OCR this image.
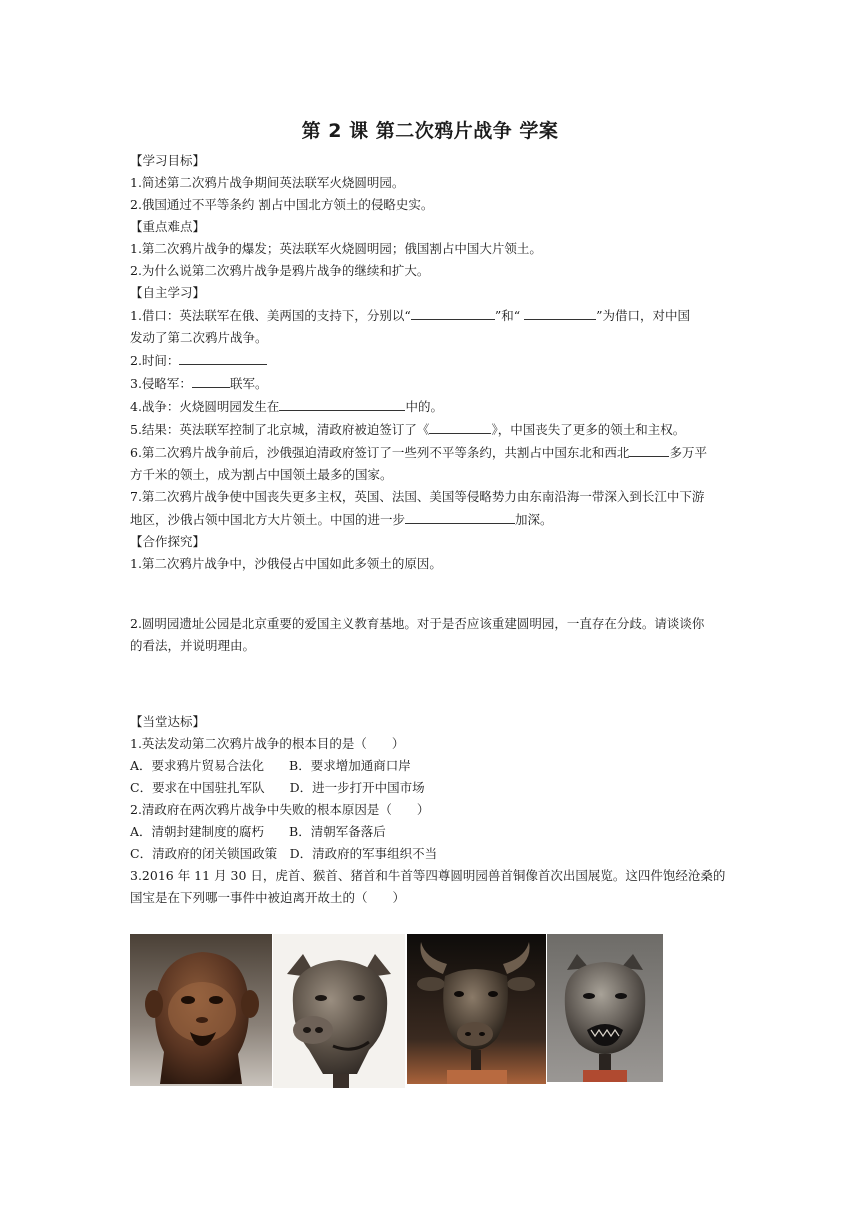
第 2 课 第二次鸦片战争 学案
【学习目标】
1.简述第二次鸦片战争期间英法联军火烧圆明园。
2.俄国通过不平等条约 割占中国北方领土的侵略史实。
【重点难点】
1.第二次鸦片战争的爆发；英法联军火烧圆明园；俄国割占中国大片领土。
2.为什么说第二次鸦片战争是鸦片战争的继续和扩大。
【自主学习】
1.借口：英法联军在俄、美两国的支持下，分别以“	”和“	”为借口，对中国
发动了第二次鸦片战争。
2.时间：
3.侵略军：	联军。
4.战争：火烧圆明园发生在	中的。
5.结果：英法联军控制了北京城，清政府被迫签订了《	》，中国丧失了更多的领土和主权。
6.第二次鸦片战争前后，沙俄强迫清政府签订了一些列不平等条约，共割占中国东北和西北	多万平
方千米的领土，成为割占中国领土最多的国家。
7.第二次鸦片战争使中国丧失更多主权，英国、法国、美国等侵略势力由东南沿海一带深入到长江中下游
地区，沙俄占领中国北方大片领土。中国的进一步	加深。
【合作探究】
1.第二次鸦片战争中，沙俄侵占中国如此多领土的原因。
2.圆明园遗址公园是北京重要的爱国主义教育基地。对于是否应该重建圆明园，一直存在分歧。请谈谈你
的看法，并说明理由。
【当堂达标】
1.英法发动第二次鸦片战争的根本目的是（　　）
A．要求鸦片贸易合法化　　B．要求增加通商口岸
C．要求在中国驻扎军队　　D．进一步打开中国市场
2.清政府在两次鸦片战争中失败的根本原因是（　　）
A．清朝封建制度的腐朽　　B．清朝军备落后
C．清政府的闭关锁国政策　D．清政府的军事组织不当
3.2016 年 11 月 30 日，虎首、猴首、猪首和牛首等四尊圆明园兽首铜像首次出国展览。这四件饱经沧桑的
国宝是在下列哪一事件中被迫离开故土的（　　）
